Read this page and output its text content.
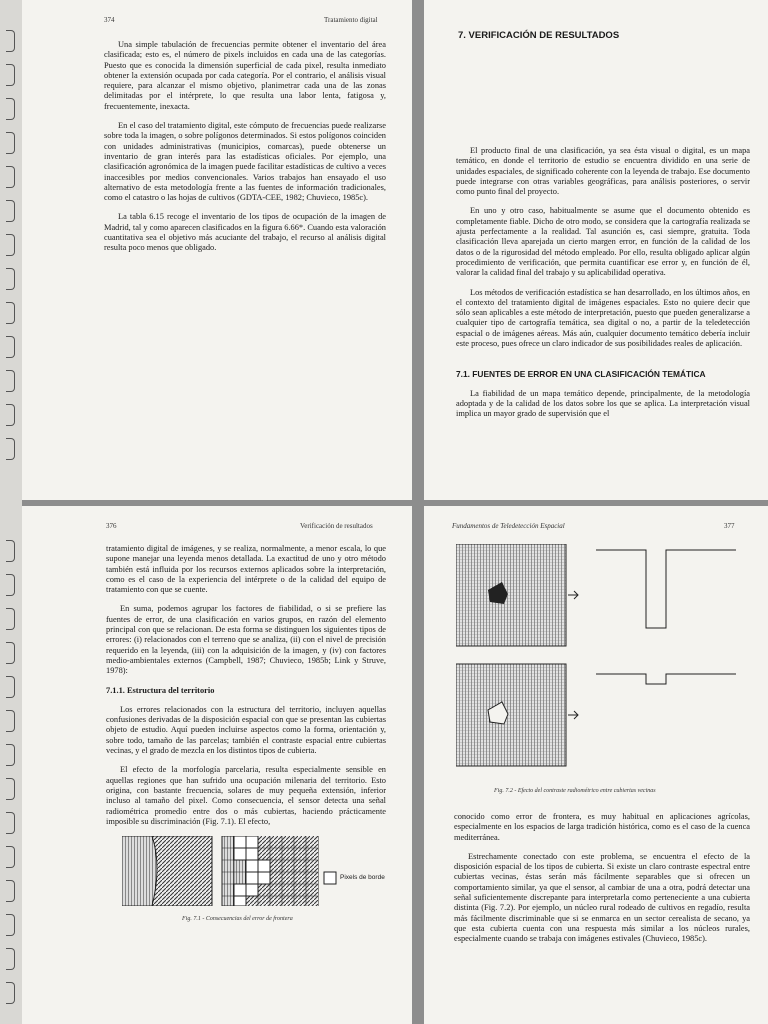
374	Tratamiento digital

Una simple tabulación de frecuencias permite obtener el inventario del área clasificada; esto es, el número de pixels incluidos en cada una de las categorías. Puesto que es conocida la dimensión superficial de cada pixel, resulta inmediato obtener la extensión ocupada por cada categoría. Por el contrario, el análisis visual requiere, para alcanzar el mismo objetivo, planimetrar cada una de las zonas delimitadas por el intérprete, lo que resulta una labor lenta, fatigosa y, frecuentemente, inexacta.

En el caso del tratamiento digital, este cómputo de frecuencias puede realizarse sobre toda la imagen, o sobre polígonos determinados. Si estos polígonos coinciden con unidades administrativas (municipios, comarcas), puede obtenerse un inventario de gran interés para las estadísticas oficiales. Por ejemplo, una clasificación agronómica de la imagen puede facilitar estadísticas de cultivo a veces inaccesibles por medios convencionales. Varios trabajos han ensayado el uso alternativo de esta metodología frente a las fuentes de información tradicionales, como el catastro o las hojas de cultivos (GDTA-CEE, 1982; Chuvieco, 1985c).

La tabla 6.15 recoge el inventario de los tipos de ocupación de la imagen de Madrid, tal y como aparecen clasificados en la figura 6.66*. Cuando esta valoración cuantitativa sea el objetivo más acuciante del trabajo, el recurso al análisis digital resulta poco menos que obligado.

7. VERIFICACIÓN DE RESULTADOS

El producto final de una clasificación, ya sea ésta visual o digital, es un mapa temático, en donde el territorio de estudio se encuentra dividido en una serie de unidades espaciales, de significado coherente con la leyenda de trabajo. Ese documento puede integrarse con otras variables geográficas, para análisis posteriores, o servir como punto final del proyecto.

En uno y otro caso, habitualmente se asume que el documento obtenido es completamente fiable. Dicho de otro modo, se considera que la cartografía realizada se ajusta perfectamente a la realidad. Tal asunción es, casi siempre, gratuita. Toda clasificación lleva aparejada un cierto margen error, en función de la calidad de los datos o de la rigurosidad del método empleado. Por ello, resulta obligado aplicar algún procedimiento de verificación, que permita cuantificar ese error y, en función de él, valorar la calidad final del trabajo y su aplicabilidad operativa.

Los métodos de verificación estadística se han desarrollado, en los últimos años, en el contexto del tratamiento digital de imágenes espaciales. Esto no quiere decir que sólo sean aplicables a este método de interpretación, puesto que pueden generalizarse a cualquier tipo de cartografía temática, sea digital o no, a partir de la teledetección espacial o de imágenes aéreas. Más aún, cualquier documento temático debería incluir este proceso, pues ofrece un claro indicador de sus posibilidades reales de aplicación.

7.1. FUENTES DE ERROR EN UNA CLASIFICACIÓN TEMÁTICA

La fiabilidad de un mapa temático depende, principalmente, de la metodología adoptada y de la calidad de los datos sobre los que se aplica. La interpretación visual implica un mayor grado de supervisión que el

376	Verificación de resultados

tratamiento digital de imágenes, y se realiza, normalmente, a menor escala, lo que supone manejar una leyenda menos detallada. La exactitud de uno y otro método también está influida por los recursos externos aplicados sobre la interpretación, como es el caso de la experiencia del intérprete o de la calidad del equipo de tratamiento con que se cuente.

En suma, podemos agrupar los factores de fiabilidad, o si se prefiere las fuentes de error, de una clasificación en varios grupos, en razón del elemento principal con que se relacionan. De esta forma se distinguen los siguientes tipos de errores: (i) relacionados con el terreno que se analiza, (ii) con el nivel de precisión requerido en la leyenda, (iii) con la adquisición de la imagen, y (iv) con factores medio-ambientales externos (Campbell, 1987; Chuvieco, 1985b; Link y Struve, 1978):

7.1.1. Estructura del territorio

Los errores relacionados con la estructura del territorio, incluyen aquellas confusiones derivadas de la disposición espacial con que se presentan las cubiertas objeto de estudio. Aquí pueden incluirse aspectos como la forma, orientación y, sobre todo, tamaño de las parcelas; también el contraste espacial entre cubiertas vecinas, y el grado de mezcla en los distintos tipos de cubierta.

El efecto de la morfología parcelaria, resulta especialmente sensible en aquellas regiones que han sufrido una ocupación milenaria del territorio. Esto origina, con bastante frecuencia, solares de muy pequeña extensión, inferior incluso al tamaño del pixel. Como consecuencia, el sensor detecta una señal radiométrica promedio entre dos o más cubiertas, haciendo prácticamente imposible su discriminación (Fig. 7.1). El efecto,

Pixels de borde
Fig. 7.1 - Consecuencias del error de frontera
Fundamentos de Teledetección Espacial	377
Fig. 7.2 - Efecto del contraste radiométrico entre cubiertas vecinas

conocido como error de frontera, es muy habitual en aplicaciones agrícolas, especialmente en los espacios de larga tradición histórica, como es el caso de la cuenca mediterránea.

Estrechamente conectado con este problema, se encuentra el efecto de la disposición espacial de los tipos de cubierta. Si existe un claro contraste espectral entre cubiertas vecinas, éstas serán más fácilmente separables que si ofrecen un comportamiento similar, ya que el sensor, al cambiar de una a otra, podrá detectar una señal suficientemente discrepante para interpretarla como perteneciente a una cubierta distinta (Fig. 7.2). Por ejemplo, un núcleo rural rodeado de cultivos en regadío, resulta más fácilmente discriminable que si se enmarca en un sector cerealista de secano, ya que esta cubierta cuenta con una respuesta más similar a los núcleos rurales, especialmente cuando se trabaja con imágenes estivales (Chuvieco, 1985c).
